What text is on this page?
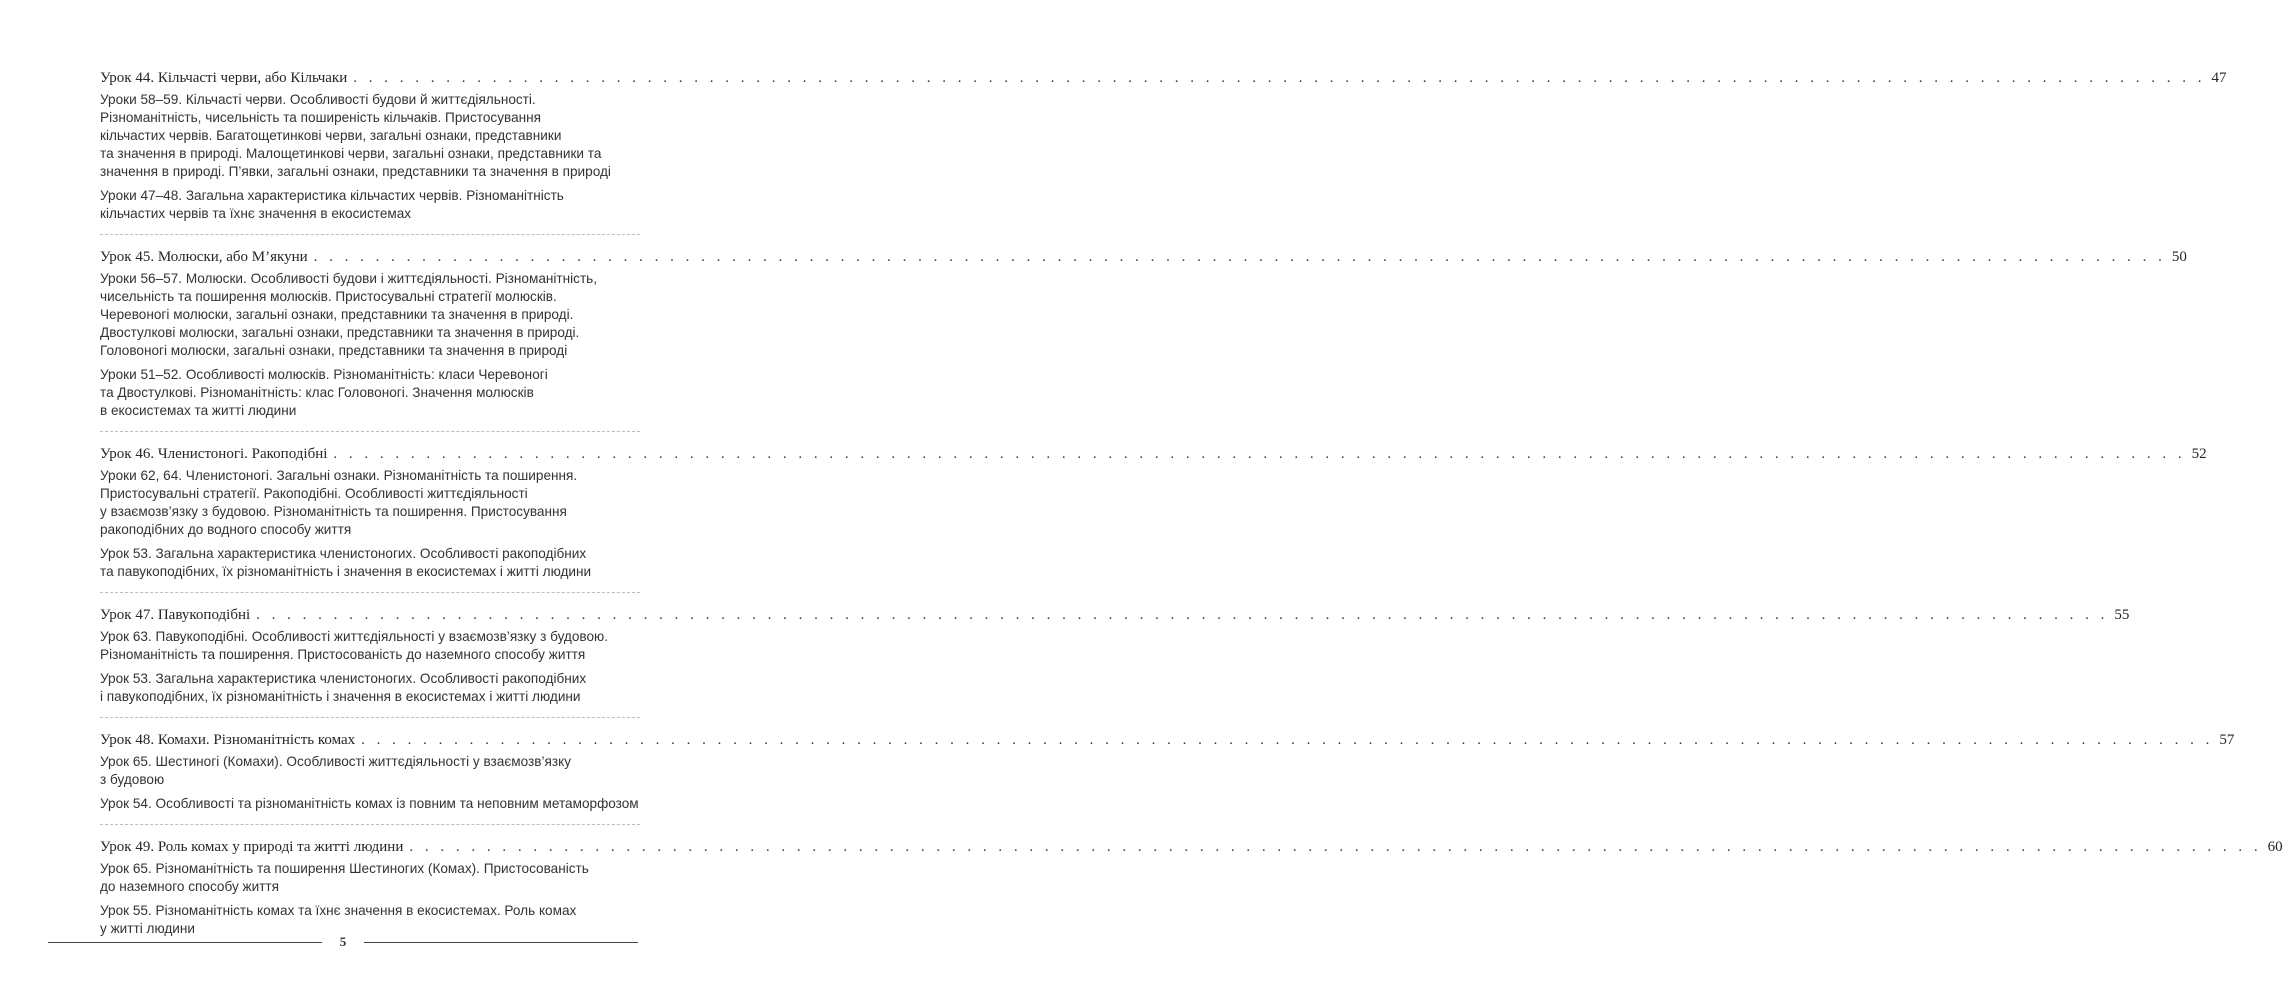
Урок 44. Кільчасті черви, або Кільчаки . . . . . . . . . . . . . . . . . . . . . . . . . . . . . . . . . . . . . . . . . . . . . . . . . . . . . . . . . . . . . . . . . . . . . . . . . . . . . . . . . . . . . . . . . . . . . . . . . . . . . . . . . . . . . . . . . . . . . . . . 47

Уроки 58–59. Кільчасті черви. Особливості будови й життєдіяльності.
Різноманітність, чисельність та поширеність кільчаків. Пристосування
кільчастих червів. Багатощетинкові черви, загальні ознаки, представники
та значення в природі. Малощетинкові черви, загальні ознаки, представники та
значення в природі. П’явки, загальні ознаки, представники та значення в природі

Уроки 47–48. Загальна характеристика кільчастих червів. Різноманітність
кільчастих червів та їхнє значення в екосистемах

Урок 45. Молюски, або М’якуни . . . . . . . . . . . . . . . . . . . . . . . . . . . . . . . . . . . . . . . . . . . . . . . . . . . . . . . . . . . . . . . . . . . . . . . . . . . . . . . . . . . . . . . . . . . . . . . . . . . . . . . . . . . . . . . . . . . . . . . . 50

Уроки 56–57. Молюски. Особливості будови і життєдіяльності. Різноманітність,
чисельність та поширення молюсків. Пристосувальні стратегії молюсків.
Черевоногі молюски, загальні ознаки, представники та значення в природі.
Двостулкові молюски, загальні ознаки, представники та значення в природі.
Головоногі молюски, загальні ознаки, представники та значення в природі

Уроки 51–52. Особливості молюсків. Різноманітність: класи Черевоногі
та Двостулкові. Різноманітність: клас Головоногі. Значення молюсків
в екосистемах та житті людини

Урок 46. Членистоногі. Ракоподібні . . . . . . . . . . . . . . . . . . . . . . . . . . . . . . . . . . . . . . . . . . . . . . . . . . . . . . . . . . . . . . . . . . . . . . . . . . . . . . . . . . . . . . . . . . . . . . . . . . . . . . . . . . . . . . . . . . . . . . . . 52

Уроки 62, 64. Членистоногі. Загальні ознаки. Різноманітність та поширення.
Пристосувальні стратегії. Ракоподібні. Особливості життєдіяльності
у взаємозв’язку з будовою. Різноманітність та поширення. Пристосування
ракоподібних до водного способу життя

Урок 53. Загальна характеристика членистоногих. Особливості ракоподібних
та павукоподібних, їх різноманітність і значення в екосистемах і житті людини

Урок 47. Павукоподібні . . . . . . . . . . . . . . . . . . . . . . . . . . . . . . . . . . . . . . . . . . . . . . . . . . . . . . . . . . . . . . . . . . . . . . . . . . . . . . . . . . . . . . . . . . . . . . . . . . . . . . . . . . . . . . . . . . . . . . . . 55

Урок 63. Павукоподібні. Особливості життєдіяльності у взаємозв’язку з будовою.
Різноманітність та поширення. Пристосованість до наземного способу життя

Урок 53. Загальна характеристика членистоногих. Особливості ракоподібних
і павукоподібних, їх різноманітність і значення в екосистемах і житті людини

Урок 48. Комахи. Різноманітність комах . . . . . . . . . . . . . . . . . . . . . . . . . . . . . . . . . . . . . . . . . . . . . . . . . . . . . . . . . . . . . . . . . . . . . . . . . . . . . . . . . . . . . . . . . . . . . . . . . . . . . . . . . . . . . . . . . . . . . . . . 57

Урок 65. Шестиногі (Комахи). Особливості життєдіяльності у взаємозв’язку
з будовою

Урок 54. Особливості та різноманітність комах із повним та неповним метаморфозом

Урок 49. Роль комах у природі та житті людини . . . . . . . . . . . . . . . . . . . . . . . . . . . . . . . . . . . . . . . . . . . . . . . . . . . . . . . . . . . . . . . . . . . . . . . . . . . . . . . . . . . . . . . . . . . . . . . . . . . . . . . . . . . . . . . . . . . . . . . . 60

Урок 65. Різноманітність та поширення Шестиногих (Комах). Пристосованість
до наземного способу життя

Урок 55. Різноманітність комах та їхнє значення в екосистемах. Роль комах
у житті людини

5
